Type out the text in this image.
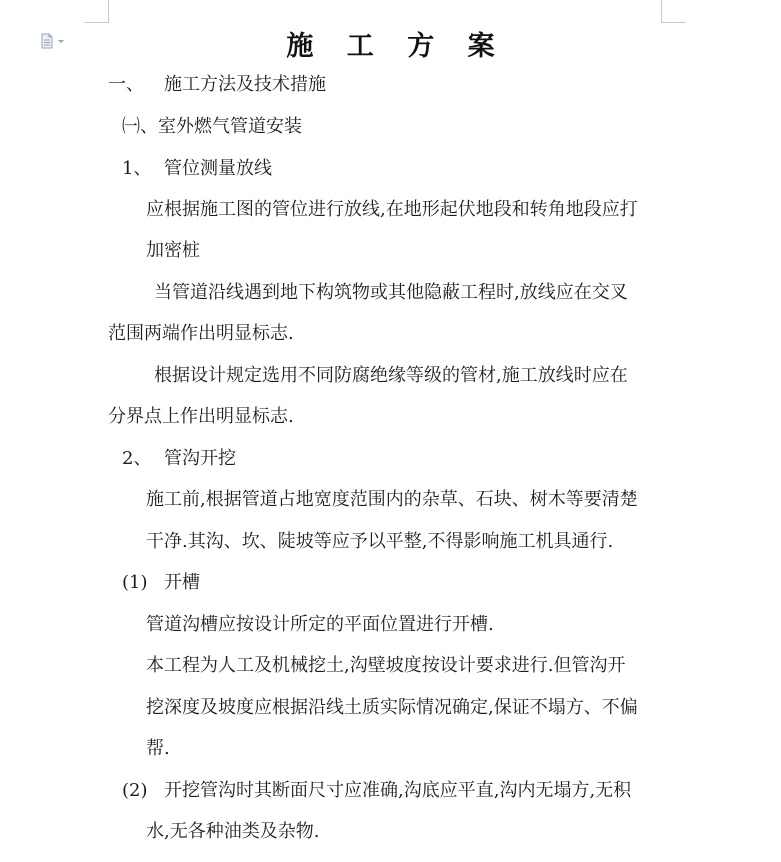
施 工 方 案
一、 施工方法及技术措施
㈠、室外燃气管道安装
1、 管位测量放线
应根据施工图的管位进行放线,在地形起伏地段和转角地段应打
加密桩
当管道沿线遇到地下构筑物或其他隐蔽工程时,放线应在交叉
范围两端作出明显标志.
根据设计规定选用不同防腐绝缘等级的管材,施工放线时应在
分界点上作出明显标志.
2、 管沟开挖
施工前,根据管道占地宽度范围内的杂草、石块、树木等要清楚
干净.其沟、坎、陡坡等应予以平整,不得影响施工机具通行.
(1) 开槽
管道沟槽应按设计所定的平面位置进行开槽.
本工程为人工及机械挖土,沟壁坡度按设计要求进行.但管沟开
挖深度及坡度应根据沿线土质实际情况确定,保证不塌方、不偏
帮.
(2) 开挖管沟时其断面尺寸应准确,沟底应平直,沟内无塌方,无积
水,无各种油类及杂物.
